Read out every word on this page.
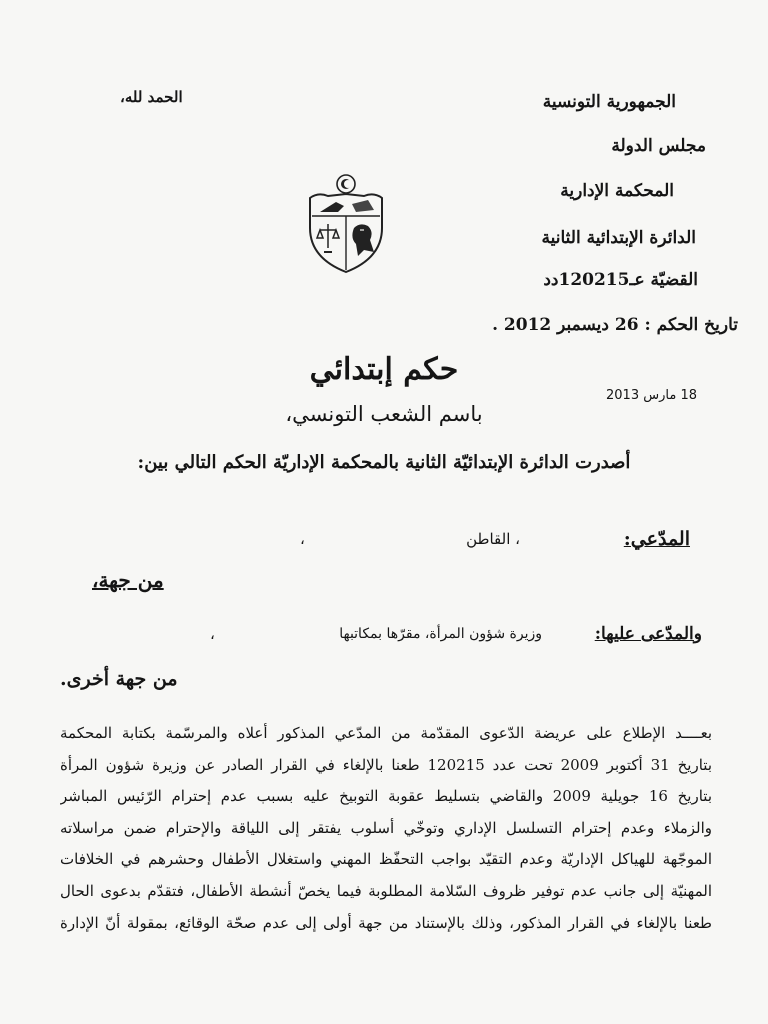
الحمد لله،	الجمهورية التونسية
مجلس الدولة
المحكمة الإدارية
الدائرة الإبتدائية الثانية
القضيّة عـ120215دد
تاريخ الحكم : 26 ديسمبر 2012 .
18 مارس 2013
حكم إبتدائي
باسم الشعب التونسي،
أصدرت الدائرة الإبتدائيّة الثانية بالمحكمة الإداريّة الحكم التالي بين:
المدّعي:
، القاطن
،
من جهة،
والمدّعى عليها:
وزيرة شؤون المرأة، مقرّها بمكاتبها
،
من جهة أخرى.
بعــــد الإطلاع على عريضة الدّعوى المقدّمة من المدّعي المذكور أعلاه والمرسّمة بكتابة المحكمة
بتاريخ 31 أكتوبر 2009 تحت عدد 120215 طعنا بالإلغاء في القرار الصادر عن وزيرة شؤون المرأة
بتاريخ 16 جويلية 2009 والقاضي بتسليط عقوبة التوبيخ عليه بسبب عدم إحترام الرّئيس المباشر
والزملاء وعدم إحترام التسلسل الإداري وتوخّي أسلوب يفتقر إلى اللياقة والإحترام ضمن مراسلاته
الموجّهة للهياكل الإداريّة وعدم التقيّد بواجب التحفّظ المهني واستغلال الأطفال وحشرهم في الخلافات
المهنيّة إلى جانب عدم توفير ظروف السّلامة المطلوبة فيما يخصّ أنشطة الأطفال، فتقدّم بدعوى الحال
طعنا بالإلغاء في القرار المذكور، وذلك بالإستناد من جهة أولى إلى عدم صحّة الوقائع، بمقولة أنّ الإدارة
